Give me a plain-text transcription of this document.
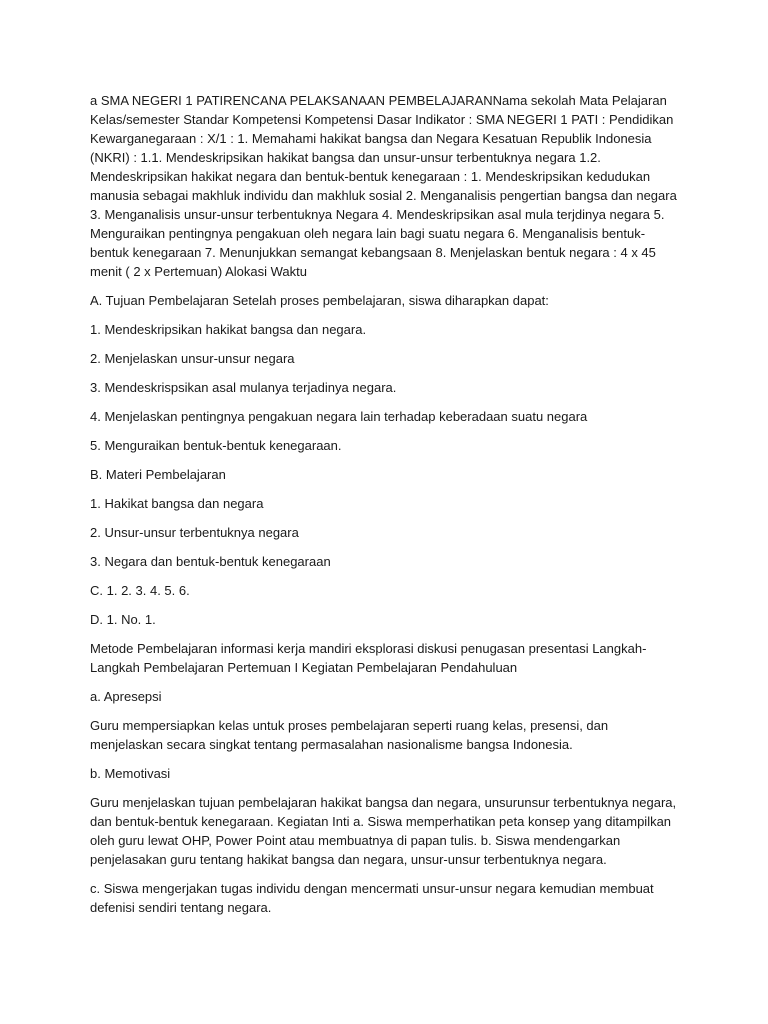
a SMA NEGERI 1 PATIRENCANA PELAKSANAAN PEMBELAJARANNama sekolah Mata Pelajaran Kelas/semester Standar Kompetensi Kompetensi Dasar Indikator : SMA NEGERI 1 PATI : Pendidikan Kewarganegaraan : X/1 : 1. Memahami hakikat bangsa dan Negara Kesatuan Republik Indonesia (NKRI) : 1.1. Mendeskripsikan hakikat bangsa dan unsur-unsur terbentuknya negara 1.2. Mendeskripsikan hakikat negara dan bentuk-bentuk kenegaraan : 1. Mendeskripsikan kedudukan manusia sebagai makhluk individu dan makhluk sosial 2. Menganalisis pengertian bangsa dan negara 3. Menganalisis unsur-unsur terbentuknya Negara 4. Mendeskripsikan asal mula terjdinya negara 5. Menguraikan pentingnya pengakuan oleh negara lain bagi suatu negara 6. Menganalisis bentuk-bentuk kenegaraan 7. Menunjukkan semangat kebangsaan 8. Menjelaskan bentuk negara : 4 x 45 menit ( 2 x Pertemuan) Alokasi Waktu

A. Tujuan Pembelajaran Setelah proses pembelajaran, siswa diharapkan dapat:

1. Mendeskripsikan hakikat bangsa dan negara.

2. Menjelaskan unsur-unsur negara

3. Mendeskrispsikan asal mulanya terjadinya negara.

4. Menjelaskan pentingnya pengakuan negara lain terhadap keberadaan suatu negara

5. Menguraikan bentuk-bentuk kenegaraan.

B. Materi Pembelajaran

1. Hakikat bangsa dan negara

2. Unsur-unsur terbentuknya negara

3. Negara dan bentuk-bentuk kenegaraan

C. 1. 2. 3. 4. 5. 6.

D. 1. No. 1.

Metode Pembelajaran informasi kerja mandiri eksplorasi diskusi penugasan presentasi Langkah-Langkah Pembelajaran Pertemuan I Kegiatan Pembelajaran Pendahuluan

a. Apresepsi

Guru mempersiapkan kelas untuk proses pembelajaran seperti ruang kelas, presensi, dan menjelaskan secara singkat tentang permasalahan nasionalisme bangsa Indonesia.

b. Memotivasi

Guru menjelaskan tujuan pembelajaran hakikat bangsa dan negara, unsurunsur terbentuknya negara, dan bentuk-bentuk kenegaraan. Kegiatan Inti a. Siswa memperhatikan peta konsep yang ditampilkan oleh guru lewat OHP, Power Point atau membuatnya di papan tulis. b. Siswa mendengarkan penjelasakan guru tentang hakikat bangsa dan negara, unsur-unsur terbentuknya negara.

c. Siswa mengerjakan tugas individu dengan mencermati unsur-unsur negara kemudian membuat defenisi sendiri tentang negara.
